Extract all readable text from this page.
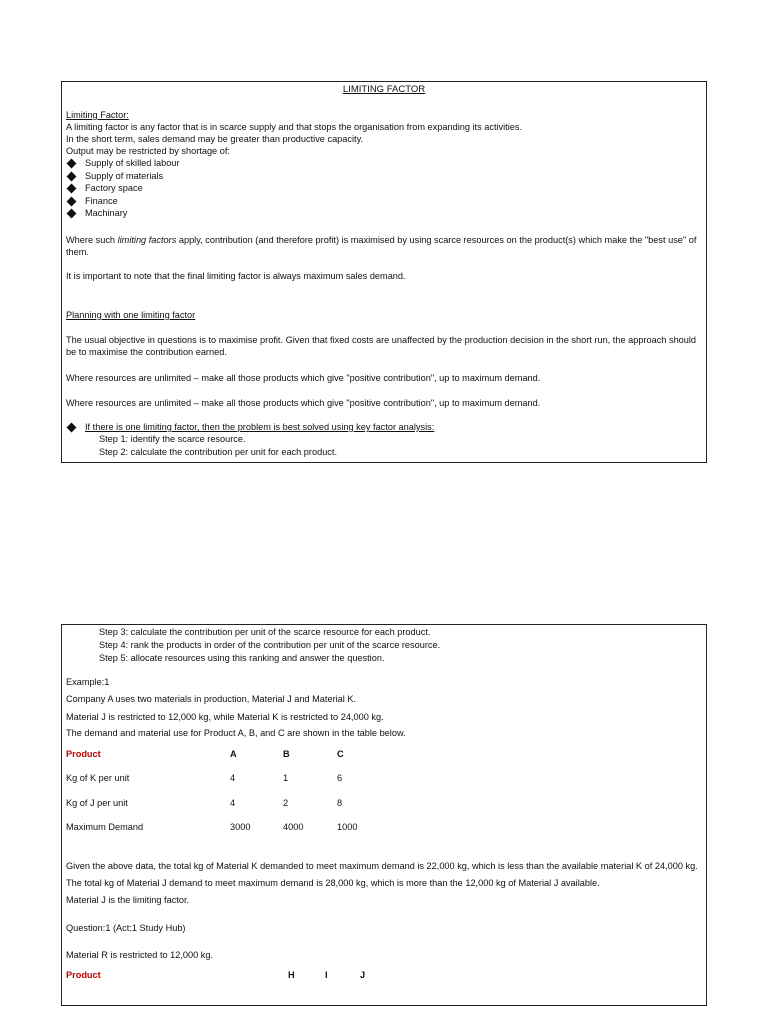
LIMITING FACTOR
Limiting Factor:
A limiting factor is any factor that is in scarce supply and that stops the organisation from expanding its activities.
In the short term, sales demand may be greater than productive capacity.
Output may be restricted by shortage of:
Supply of skilled labour
Supply of materials
Factory space
Finance
Machinary
Where such limiting factors apply, contribution (and therefore profit) is maximised by using scarce resources on the product(s) which make the "best use" of them.
It is important to note that the final limiting factor is always maximum sales demand.
Planning with one limiting factor
The usual objective in questions is to maximise profit. Given that fixed costs are unaffected by the production decision in the short run, the approach should be to maximise the contribution earned.
Where resources are unlimited – make all those products which give "positive contribution", up to maximum demand.
Where resources are unlimited – make all those products which give "positive contribution", up to maximum demand.
If there is one limiting factor, then the problem is best solved using key factor analysis:
Step 1: identify the scarce resource.
Step 2: calculate the contribution per unit for each product.
Step 3: calculate the contribution per unit of the scarce resource for each product.
Step 4: rank the products in order of the contribution per unit of the scarce resource.
Step 5: allocate resources using this ranking and answer the question.
Example:1
Company A uses two materials in production, Material J and Material K.
Material J is restricted to 12,000 kg, while Material K is restricted to 24,000 kg.
The demand and material use for Product A, B, and C are shown in the table below.
Product	A	B	C
Kg of K per unit	4	1	6
Kg of J per unit	4	2	8
Maximum Demand	3000	4000	1000
Given the above data, the total kg of Material K demanded to meet maximum demand is 22,000 kg, which is less than the available material K of 24,000 kg.
The total kg of Material J demand to meet maximum demand is 28,000 kg, which is more than the 12,000 kg of Material J available.
Material J is the limiting factor.
Question:1 (Act:1 Study Hub)
Material R is restricted to 12,000 kg.
Product	H	I	J
